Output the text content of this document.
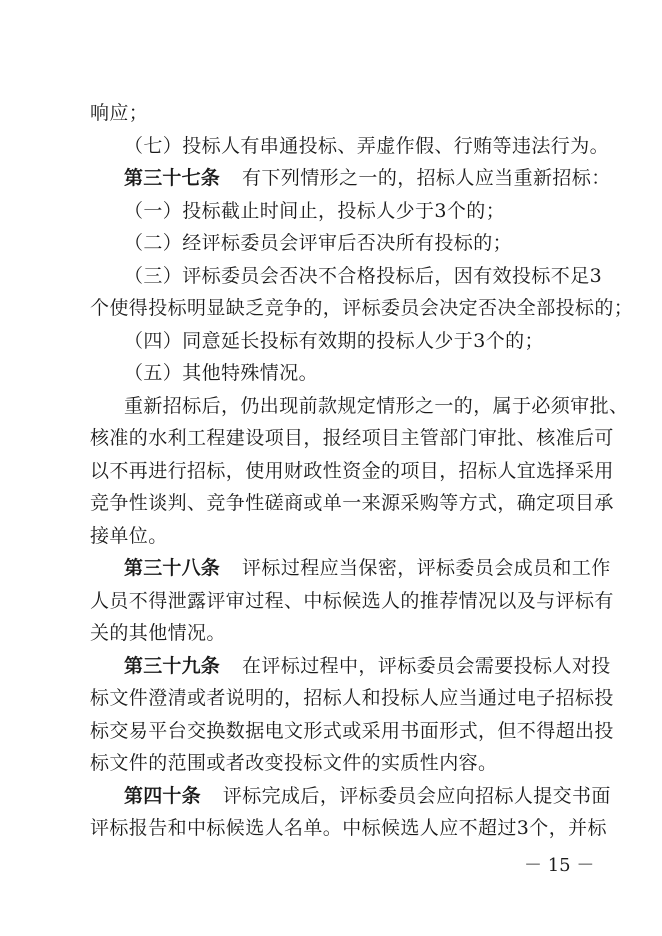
响应；
（七）投标人有串通投标、弄虚作假、行贿等违法行为。
第三十七条 有下列情形之一的，招标人应当重新招标：
（一）投标截止时间止，投标人少于3个的；
（二）经评标委员会评审后否决所有投标的；
（三）评标委员会否决不合格投标后，因有效投标不足3
个使得投标明显缺乏竞争的，评标委员会决定否决全部投标的；
（四）同意延长投标有效期的投标人少于3个的；
（五）其他特殊情况。
重新招标后，仍出现前款规定情形之一的，属于必须审批、
核准的水利工程建设项目，报经项目主管部门审批、核准后可
以不再进行招标，使用财政性资金的项目，招标人宜选择采用
竞争性谈判、竞争性磋商或单一来源采购等方式，确定项目承
接单位。
第三十八条 评标过程应当保密，评标委员会成员和工作
人员不得泄露评审过程、中标候选人的推荐情况以及与评标有
关的其他情况。
第三十九条 在评标过程中，评标委员会需要投标人对投
标文件澄清或者说明的，招标人和投标人应当通过电子招标投
标交易平台交换数据电文形式或采用书面形式，但不得超出投
标文件的范围或者改变投标文件的实质性内容。
第四十条 评标完成后，评标委员会应向招标人提交书面
评标报告和中标候选人名单。中标候选人应不超过3个，并标
－ 15 －
